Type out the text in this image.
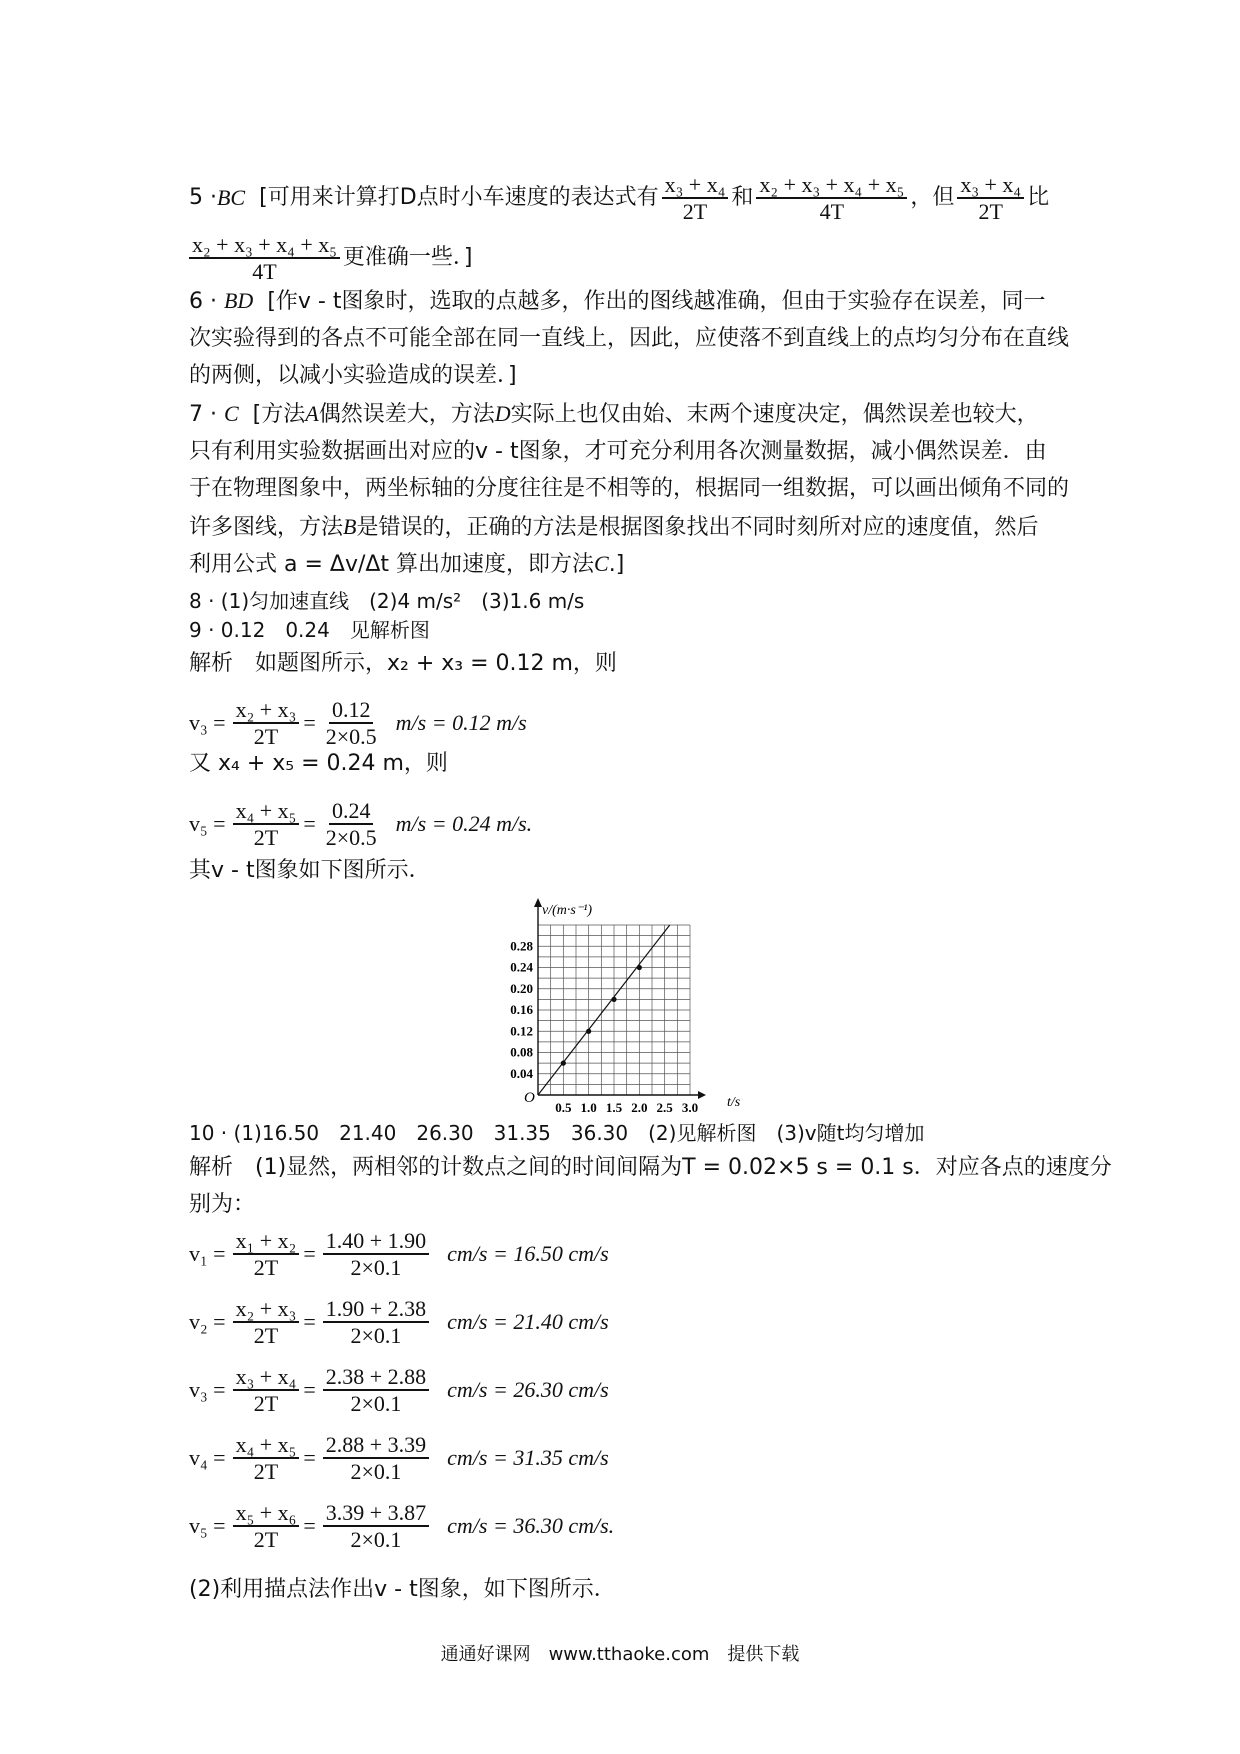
5 · BC [可用来计算打D点时小车速度的表达式有 $\frac{\text{x₃ + x₄}}{2T}$ 和 $\frac{\text{x₂ + x₃ + x₄ + x₅}}{4T}$ ，但 $\frac{\text{x₃ + x₄}}{2T}$ 比
$\frac{\text{x₂ + x₃ + x₄ + x₅}}{4T}$ 更准确一些．]
6 · BD [作v - t图象时，选取的点越多，作出的图线越准确，但由于实验存在误差，同一
次实验得到的各点不可能全部在同一直线上，因此，应使落不到直线上的点均匀分布在直线
的两侧，以减小实验造成的误差．]
7 · C [方法A偶然误差大，方法D实际上也仅由始、末两个速度决定，偶然误差也较大，
只有利用实验数据画出对应的v - t图象，才可充分利用各次测量数据，减小偶然误差．由
于在物理图象中，两坐标轴的分度往往是不相等的，根据同一组数据，可以画出倾角不同的
许多图线，方法B是错误的，正确的方法是根据图象找出不同时刻所对应的速度值，然后
利用公式 a = Δv/Δt 算出加速度，即方法C.]
8 · (1)匀加速直线　(2)4 m/s²　(3)1.6 m/s
9 · 0.12　0.24　见解析图
解析　如题图所示，x₂ + x₃ = 0.12 m，则
$v_3 = \frac{\text{x₂ + x₃}}{2T} = \frac{0.12}{2\times 0.5} m/s = 0.12$ m/s
又 x₄ + x₅ = 0.24 m，则
$v_5 = \frac{\text{x₄ + x₅}}{2T} = \frac{0.24}{2\times 0.5} m/s = 0.24$ m/s.
其v - t图象如下图所示．
0.5 1.0 1.5 2.0 2.5 3.0
0.04
0.08
0.12
0.16
0.20
0.24
0.28
v/(m·s⁻¹)
t/s
O
10 · (1)16.50　21.40　26.30　31.35　36.30　(2)见解析图　(3)v随t均匀增加
解析　(1)显然，两相邻的计数点之间的时间间隔为T = 0.02×5 s = 0.1 s．对应各点的速度分
别为：
$v_1 = \frac{\text{x₁ + x₂}}{2T} = \frac{1.40 + 1.90}{2\times 0.1} cm/s = 16.50$ cm/s
$v_2 = \frac{\text{x₂ + x₃}}{2T} = \frac{1.90 + 2.38}{2\times 0.1} cm/s = 21.40$ cm/s
$v_3 = \frac{\text{x₃ + x₄}}{2T} = \frac{2.38 + 2.88}{2\times 0.1} cm/s = 26.30$ cm/s
$v_4 = \frac{\text{x₄ + x₅}}{2T} = \frac{2.88 + 3.39}{2\times 0.1} cm/s = 31.35$ cm/s
$v_5 = \frac{\text{x₅ + x₆}}{2T} = \frac{3.39 + 3.87}{2\times 0.1} cm/s = 36.30$ cm/s.
(2)利用描点法作出v - t图象，如下图所示．
通通好课网　www.tthaoke.com　提供下载
